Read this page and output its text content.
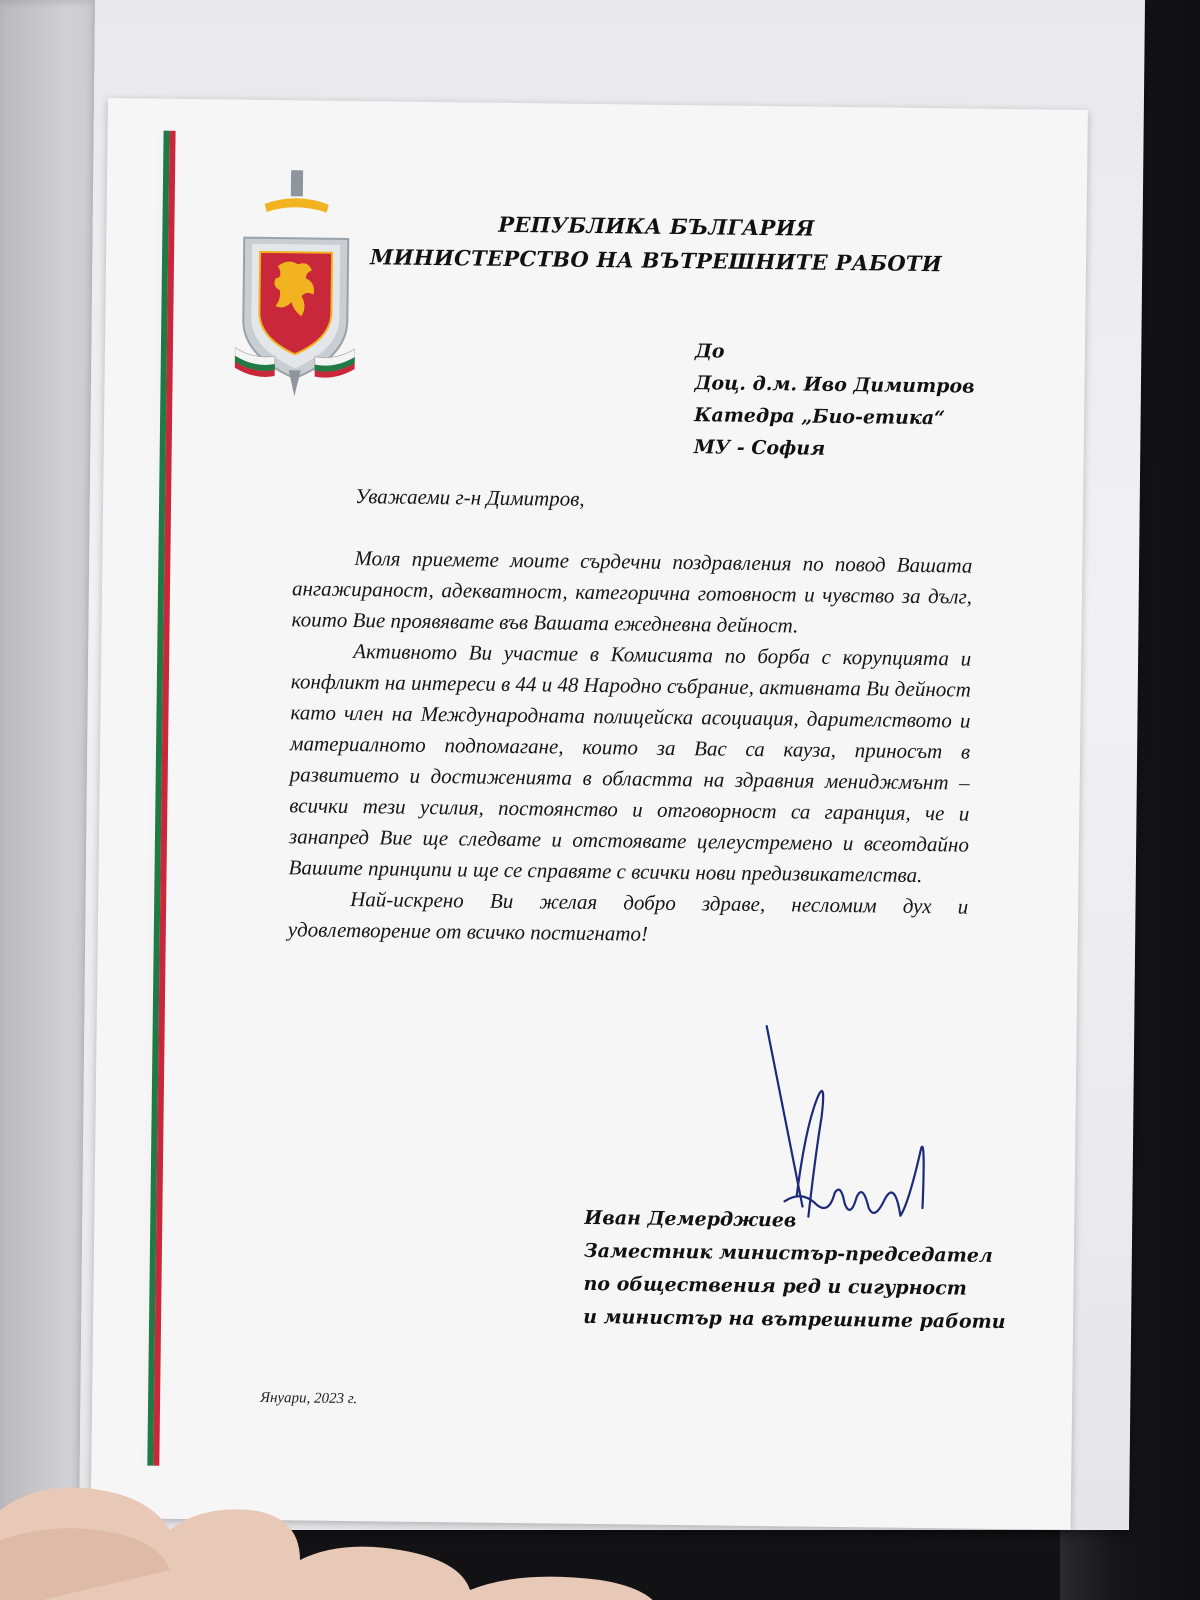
РЕПУБЛИКА БЪЛГАРИЯ
МИНИСТЕРСТВО НА ВЪТРЕШНИТЕ РАБОТИ
До
Доц. д.м. Иво Димитров
Катедра „Био-етика“
МУ - София

Уважаеми г-н Димитров,

Моля приемете моите сърдечни поздравления по повод Вашата ангажираност, адекватност, категорична готовност и чувство за дълг, които Вие проявявате във Вашата ежедневна дейност.

Активното Ви участие в Комисията по борба с корупцията и конфликт на интереси в 44 и 48 Народно събрание, активната Ви дейност като член на Международната полицейска асоциация, дарителството и материалното подпомагане, които за Вас са кауза, приносът в развитието и достиженията в областта на здравния мениджмънт – всички тези усилия, постоянство и отговорност са гаранция, че и занапред Вие ще следвате и отстоявате целеустремено и всеотдайно Вашите принципи и ще се справяте с всички нови предизвикателства.

Най-искрено Ви желая добро здраве, несломим дух и удовлетворение от всичко постигнато!

Иван Демерджиев
Заместник министър-председател
по обществения ред и сигурност
и министър на вътрешните работи
Януари, 2023 г.
